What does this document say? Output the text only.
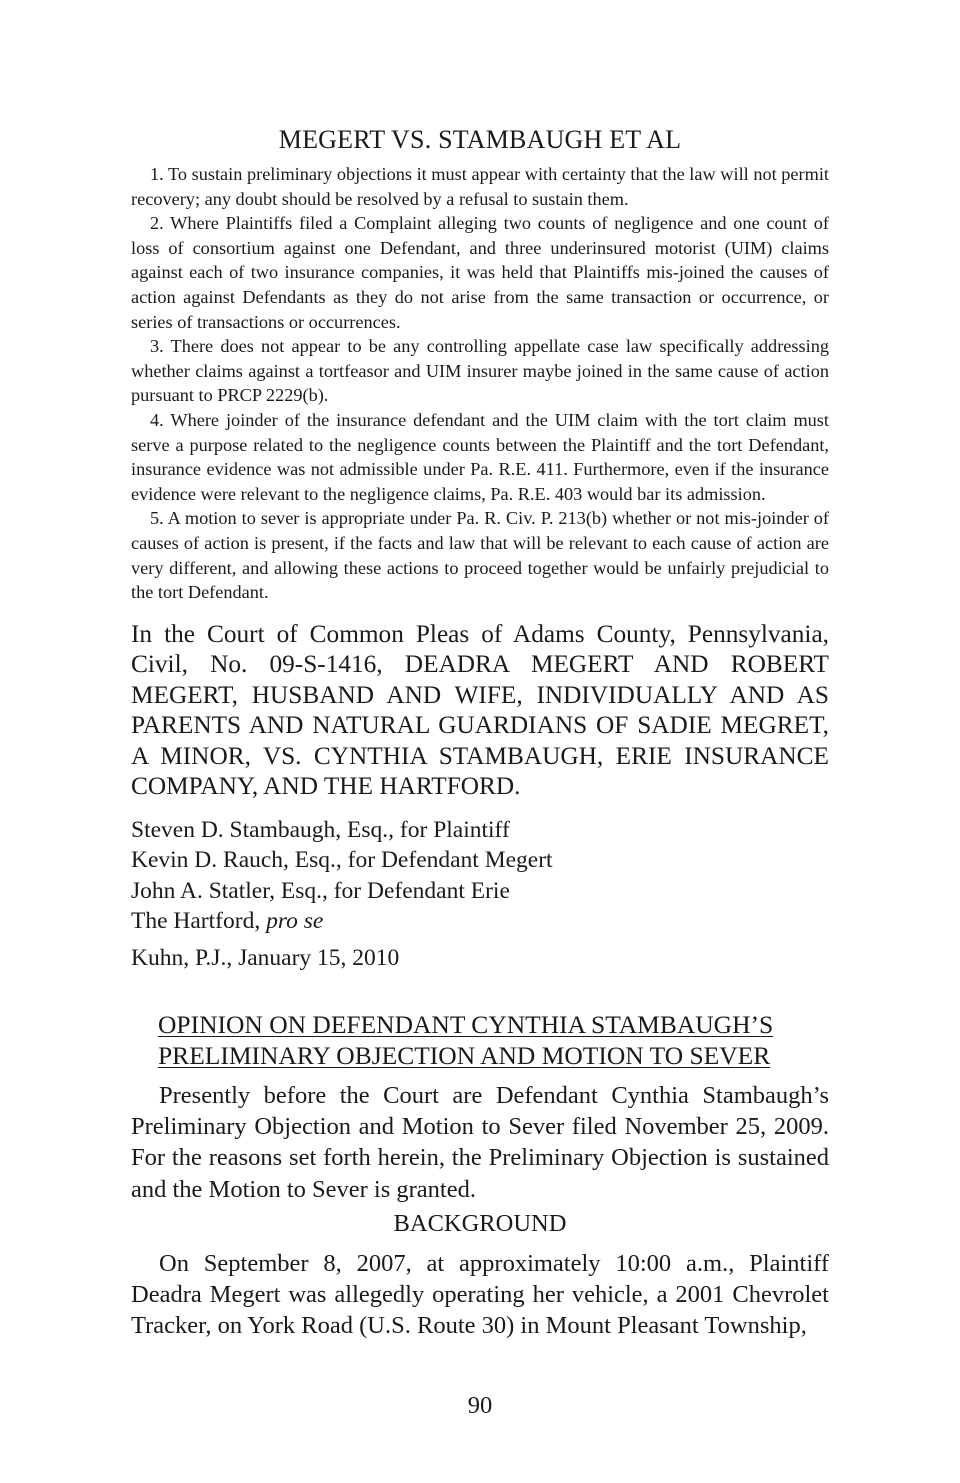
MEGERT VS. STAMBAUGH ET AL

1. To sustain preliminary objections it must appear with certainty that the law will not permit recovery; any doubt should be resolved by a refusal to sustain them.

2. Where Plaintiffs filed a Complaint alleging two counts of negligence and one count of loss of consortium against one Defendant, and three underinsured motorist (UIM) claims against each of two insurance companies, it was held that Plaintiffs mis-joined the causes of action against Defendants as they do not arise from the same transaction or occurrence, or series of transactions or occurrences.

3. There does not appear to be any controlling appellate case law specifically addressing whether claims against a tortfeasor and UIM insurer maybe joined in the same cause of action pursuant to PRCP 2229(b).

4. Where joinder of the insurance defendant and the UIM claim with the tort claim must serve a purpose related to the negligence counts between the Plaintiff and the tort Defendant, insurance evidence was not admissible under Pa. R.E. 411. Furthermore, even if the insurance evidence were relevant to the negligence claims, Pa. R.E. 403 would bar its admission.

5. A motion to sever is appropriate under Pa. R. Civ. P. 213(b) whether or not mis-joinder of causes of action is present, if the facts and law that will be relevant to each cause of action are very different, and allowing these actions to proceed together would be unfairly prejudicial to the tort Defendant.

In the Court of Common Pleas of Adams County, Pennsylvania, Civil, No. 09-S-1416, DEADRA MEGERT AND ROBERT MEGERT, HUSBAND AND WIFE, INDIVIDUALLY AND AS PARENTS AND NATURAL GUARDIANS OF SADIE MEGRET, A MINOR, VS. CYNTHIA STAMBAUGH, ERIE INSURANCE COMPANY, AND THE HARTFORD.

Steven D. Stambaugh, Esq., for Plaintiff
Kevin D. Rauch, Esq., for Defendant Megert
John A. Statler, Esq., for Defendant Erie
The Hartford, pro se
Kuhn, P.J., January 15, 2010
OPINION ON DEFENDANT CYNTHIA STAMBAUGH’S
PRELIMINARY OBJECTION AND MOTION TO SEVER

Presently before the Court are Defendant Cynthia Stambaugh’s Preliminary Objection and Motion to Sever filed November 25, 2009. For the reasons set forth herein, the Preliminary Objection is sustained and the Motion to Sever is granted.

BACKGROUND

On September 8, 2007, at approximately 10:00 a.m., Plaintiff Deadra Megert was allegedly operating her vehicle, a 2001 Chevrolet Tracker, on York Road (U.S. Route 30) in Mount Pleasant Township,

90
